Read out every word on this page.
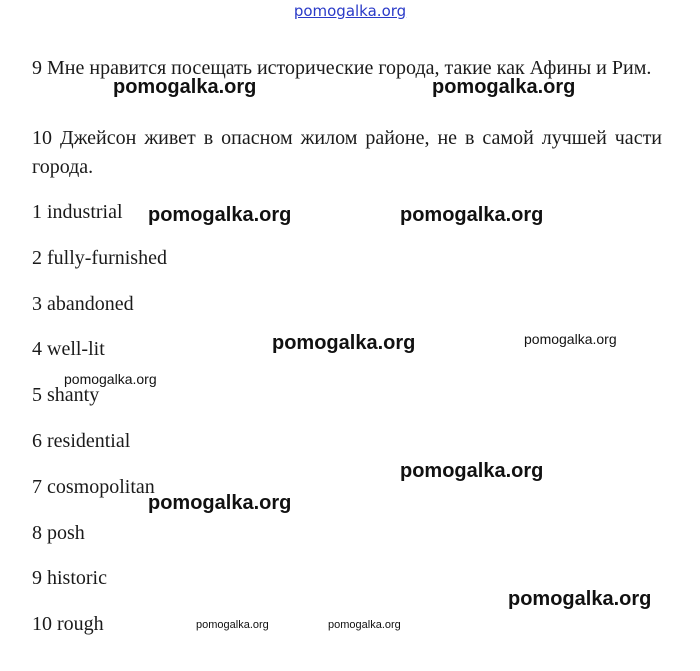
pomogalka.org
9 Мне нравится посещать исторические города, такие как Афины и Рим.
10 Джейсон живет в опасном жилом районе, не в самой лучшей части города.
1 industrial
2 fully-furnished
3 abandoned
4 well-lit
5 shanty
6 residential
7 cosmopolitan
8 posh
9 historic
10 rough
pomogalka.org	pomogalka.org
pomogalka.org	pomogalka.org
pomogalka.org	pomogalka.org
pomogalka.org
pomogalka.org
pomogalka.org
pomogalka.org
pomogalka.org	pomogalka.org
